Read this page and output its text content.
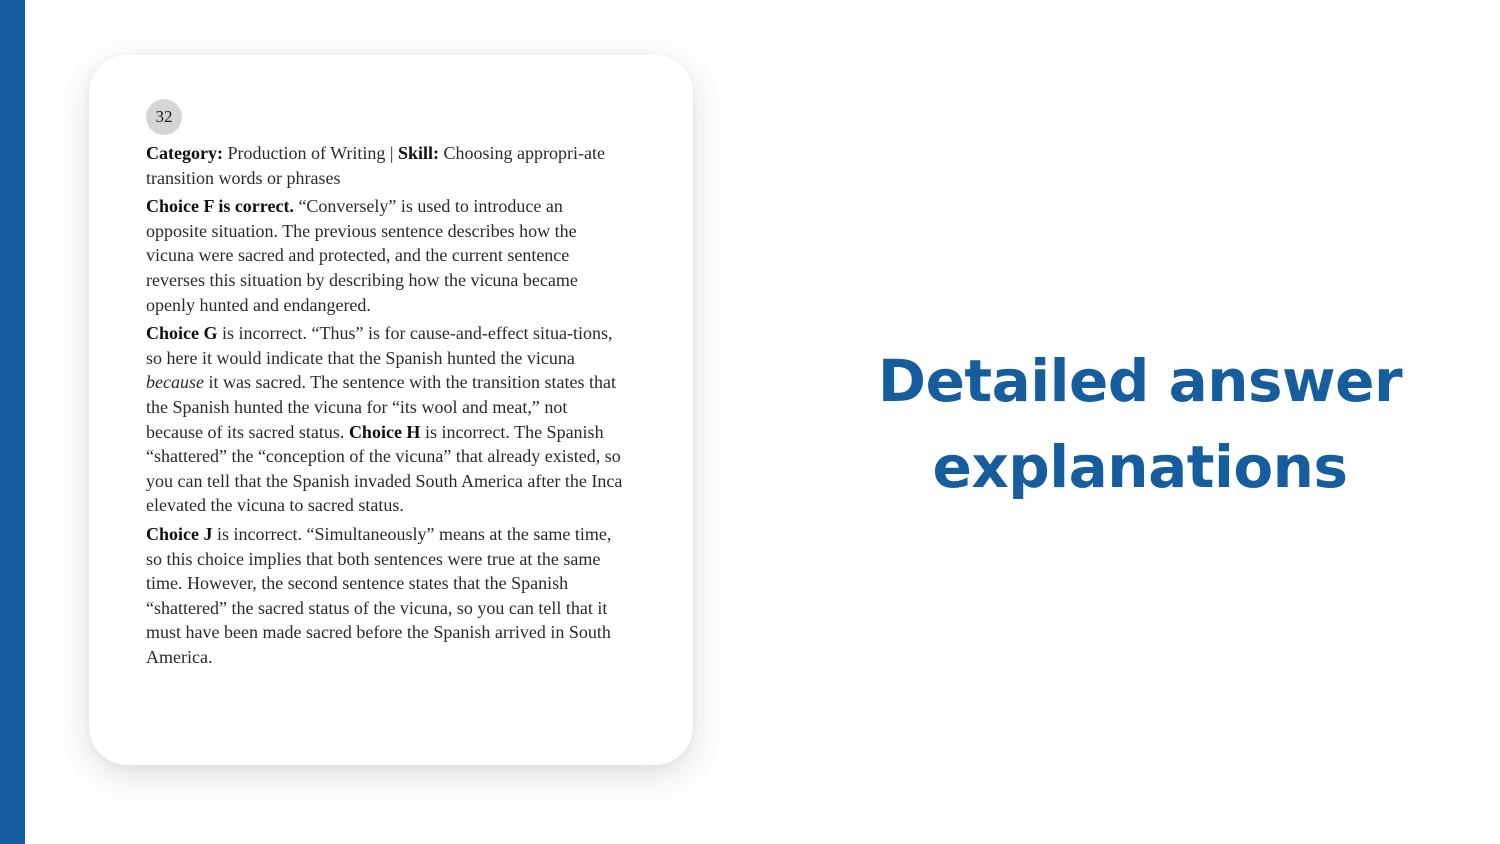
32

Category: Production of Writing | Skill: Choosing appropri-ate transition words or phrases

Choice F is correct. “Conversely” is used to introduce an opposite situation. The previous sentence describes how the vicuna were sacred and protected, and the current sentence reverses this situation by describing how the vicuna became openly hunted and endangered.

Choice G is incorrect. “Thus” is for cause-and-effect situa-tions, so here it would indicate that the Spanish hunted the vicuna because it was sacred. The sentence with the transition states that the Spanish hunted the vicuna for “its wool and meat,” not because of its sacred status. Choice H is incorrect. The Spanish “shattered” the “conception of the vicuna” that already existed, so you can tell that the Spanish invaded South America after the Inca elevated the vicuna to sacred status.

Choice J is incorrect. “Simultaneously” means at the same time, so this choice implies that both sentences were true at the same time. However, the second sentence states that the Spanish “shattered” the sacred status of the vicuna, so you can tell that it must have been made sacred before the Spanish arrived in South America.

Detailed answer
explanations
